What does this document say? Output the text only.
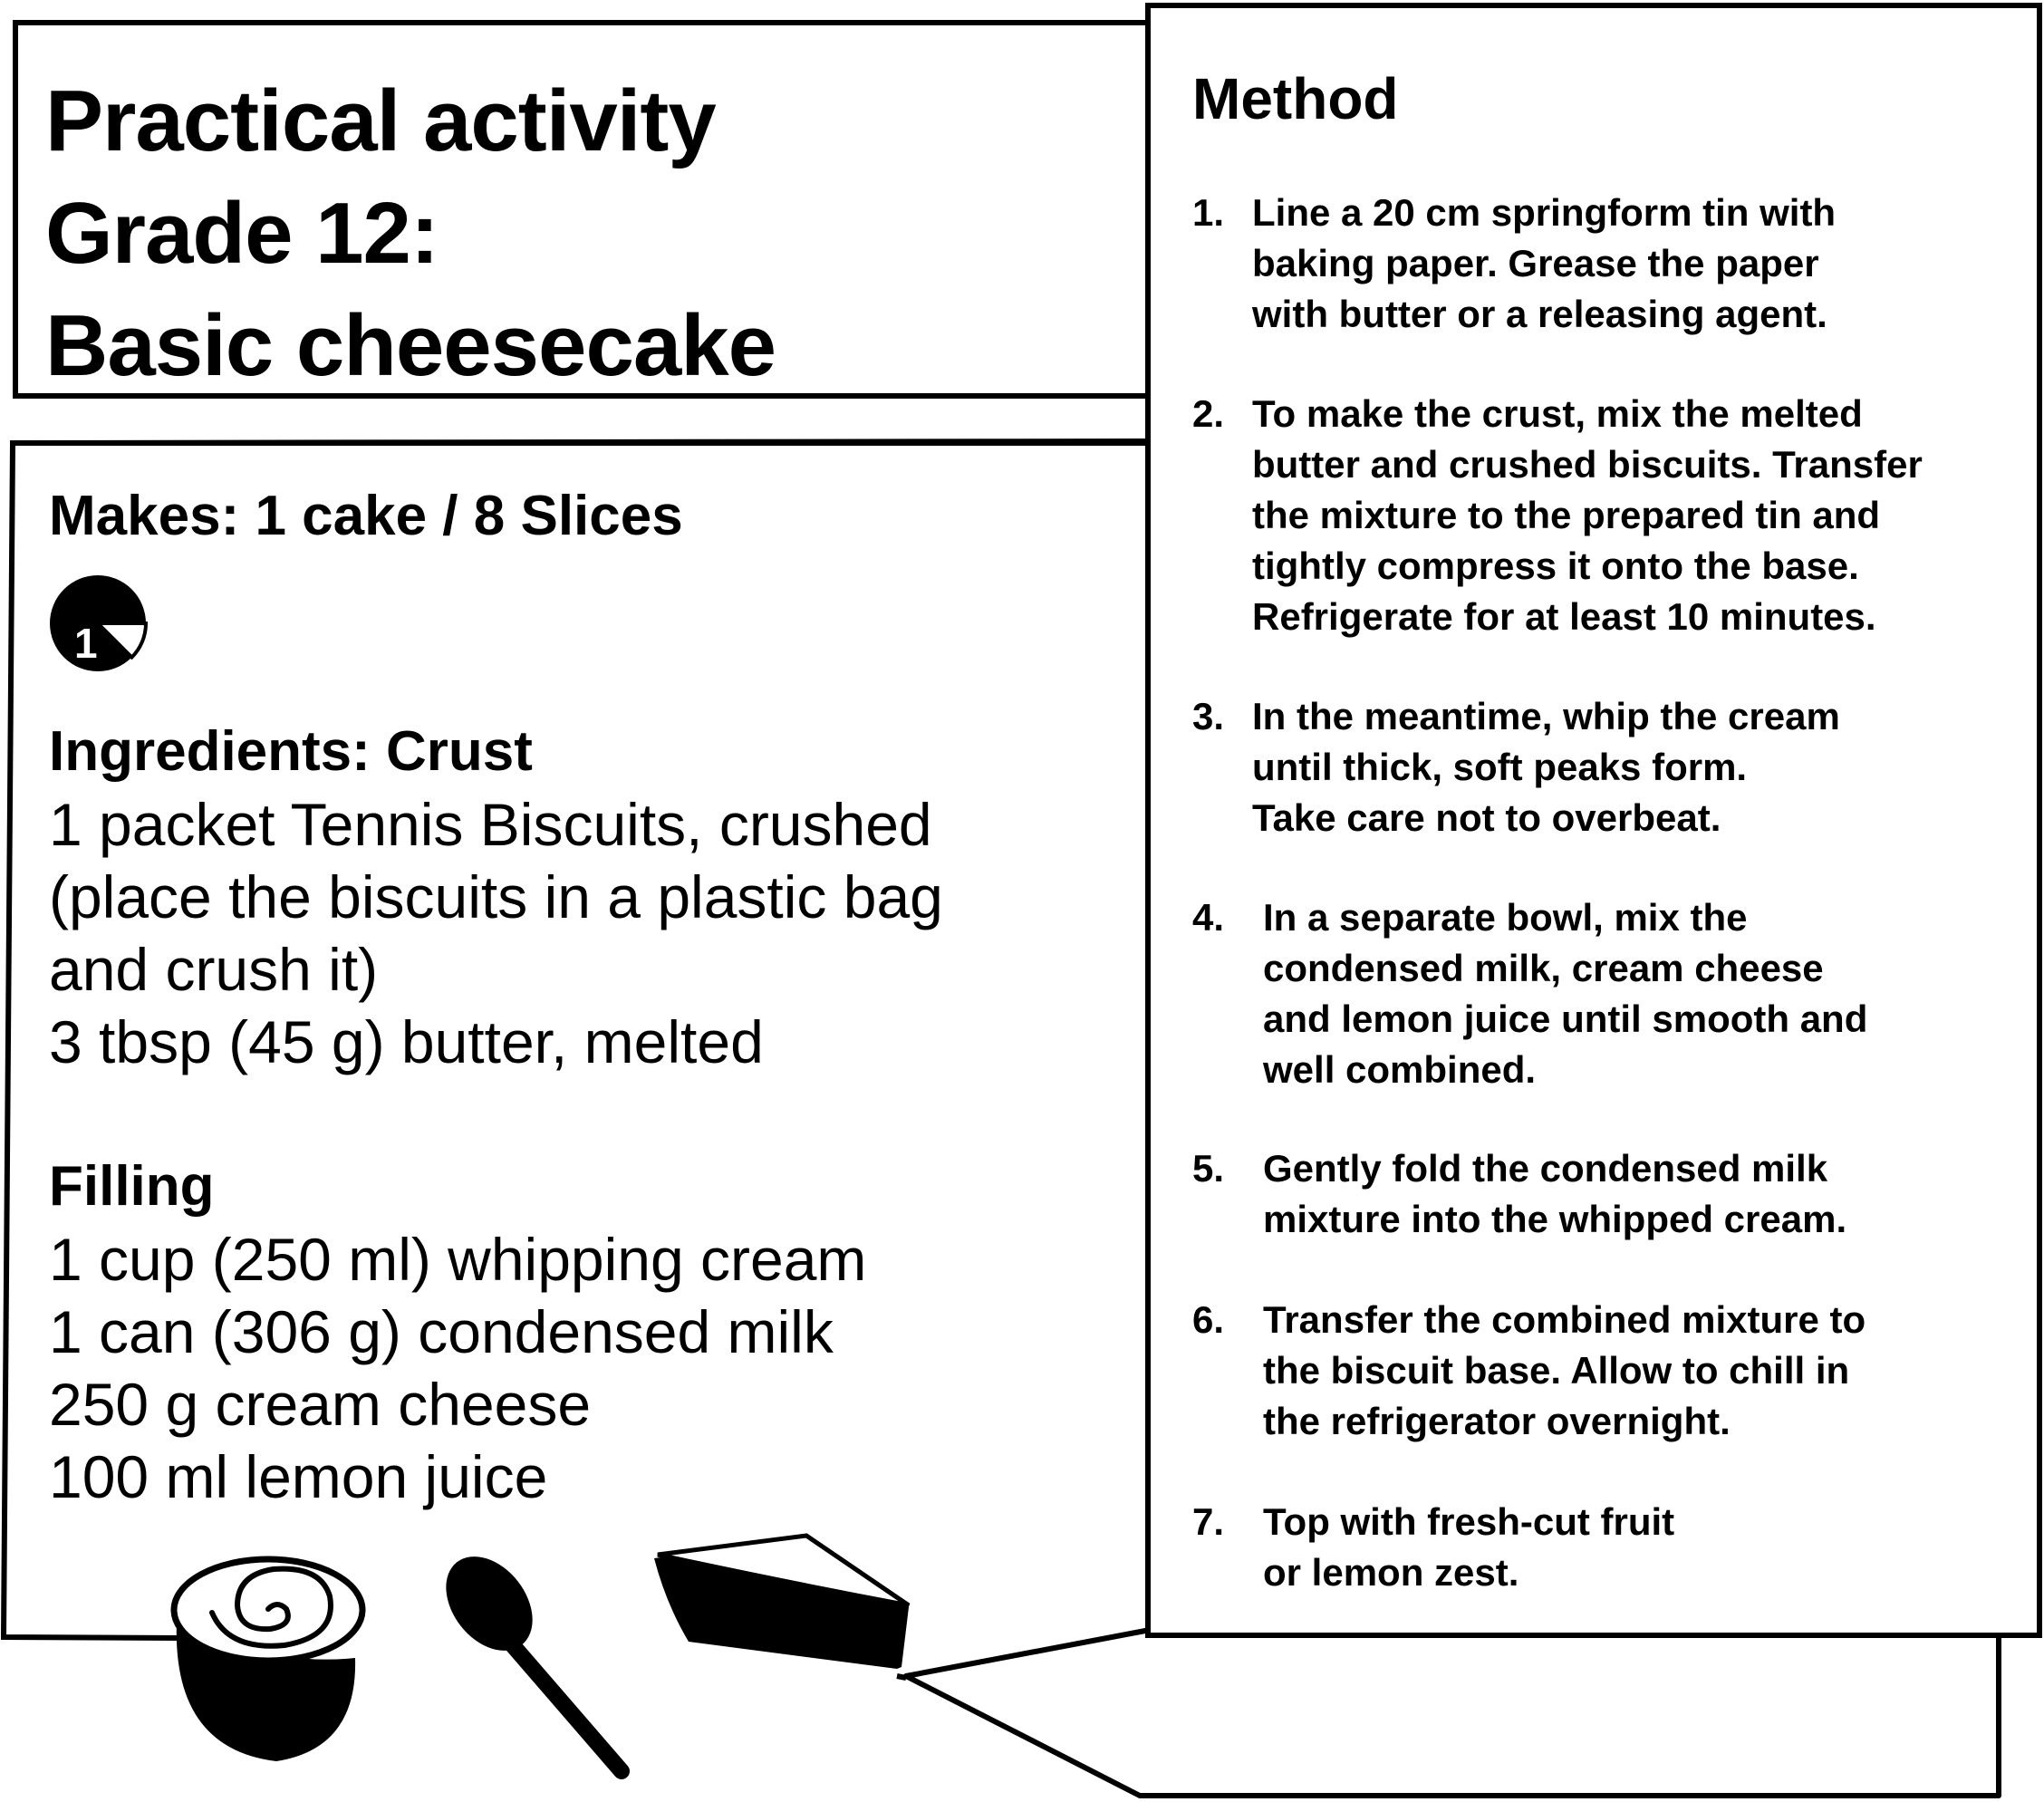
Practical activity
Grade 12:
Basic cheesecake
Makes: 1 cake / 8 Slices
1
Ingredients: Crust
1 packet Tennis Biscuits, crushed
(place the biscuits in a plastic bag
and crush it)
3 tbsp (45 g) butter, melted
Filling
1 cup (250 ml) whipping cream
1 can (306 g) condensed milk
250 g cream cheese
100 ml lemon juice
Method
1. Line a 20 cm springform tin with
baking paper. Grease the paper
with butter or a releasing agent.
2. To make the crust, mix the melted
butter and crushed biscuits. Transfer
the mixture to the prepared tin and
tightly compress it onto the base.
Refrigerate for at least 10 minutes.
3. In the meantime, whip the cream
until thick, soft peaks form.
Take care not to overbeat.
4. In a separate bowl, mix the
condensed milk, cream cheese
and lemon juice until smooth and
well combined.
5. Gently fold the condensed milk
mixture into the whipped cream.
6. Transfer the combined mixture to
the biscuit base. Allow to chill in
the refrigerator overnight.
7. Top with fresh-cut fruit
or lemon zest.
